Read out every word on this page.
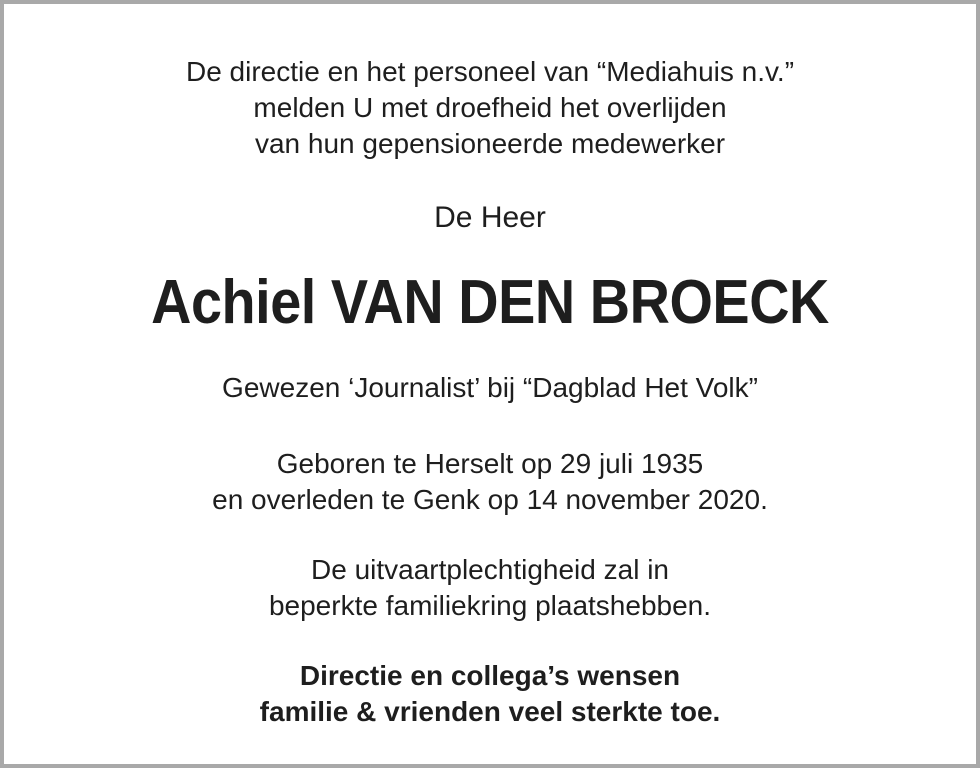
De directie en het personeel van “Mediahuis n.v.”
melden U met droefheid het overlijden
van hun gepensioneerde medewerker
De Heer
Achiel VAN DEN BROECK
Gewezen ‘Journalist’ bij “Dagblad Het Volk”
Geboren te Herselt op 29 juli 1935
en overleden te Genk op 14 november 2020.
De uitvaartplechtigheid zal in
beperkte familiekring plaatshebben.
Directie en collega’s wensen
familie & vrienden veel sterkte toe.
